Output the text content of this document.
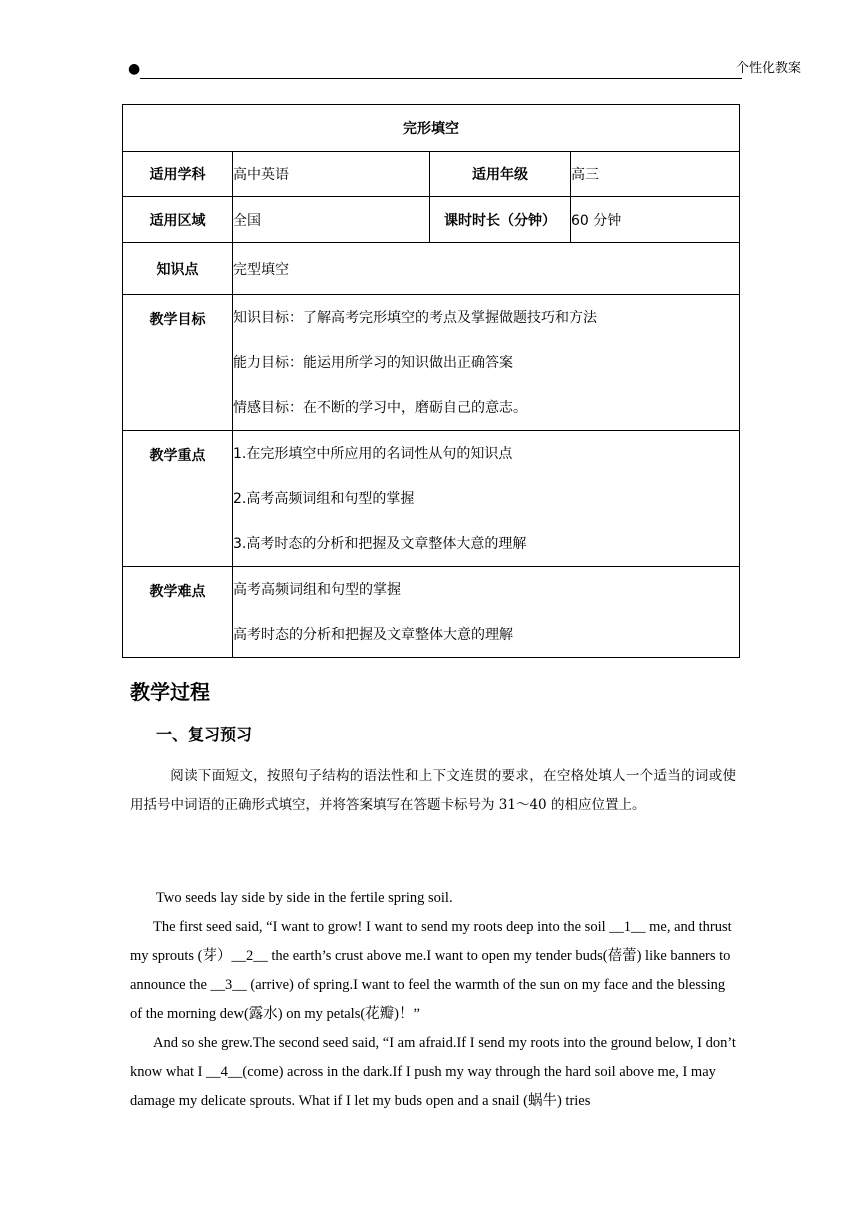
●	个性化教案
完形填空			
适用学科	高中英语	适用年级	高三
适用区域	全国	课时时长（分钟）	60 分钟
知识点	完型填空		
教学目标	知识目标：了解高考完形填空的考点及掌握做题技巧和方法
能力目标：能运用所学习的知识做出正确答案
情感目标：在不断的学习中，磨砺自己的意志。		

教学重点	1.在完形填空中所应用的名词性从句的知识点
2.高考高频词组和句型的掌握
3.高考时态的分析和把握及文章整体大意的理解		

教学难点	高考高频词组和句型的掌握
高考时态的分析和把握及文章整体大意的理解		
教学过程
一、复习预习
阅读下面短文，按照句子结构的语法性和上下文连贯的要求，在空格处填人一个适当的词或使用括号中词语的正确形式填空，并将答案填写在答题卡标号为 31～40 的相应位置上。

Two seeds lay side by side in the fertile spring soil.

The first seed said, “I want to grow! I want to send my roots deep into the soil __1__ me, and thrust my sprouts (芽）__2__ the earth’s crust above me.I want to open my tender buds(蓓蕾) like banners to announce the __3__ (arrive) of spring.I want to feel the warmth of the sun on my face and the blessing of the morning dew(露水) on my petals(花瓣)！”

And so she grew.The second seed said, “I am afraid.If I send my roots into the ground below, I don’t know what I __4__(come) across in the dark.If I push my way through the hard soil above me, I may damage my delicate sprouts. What if I let my buds open and a snail (蜗牛) tries
